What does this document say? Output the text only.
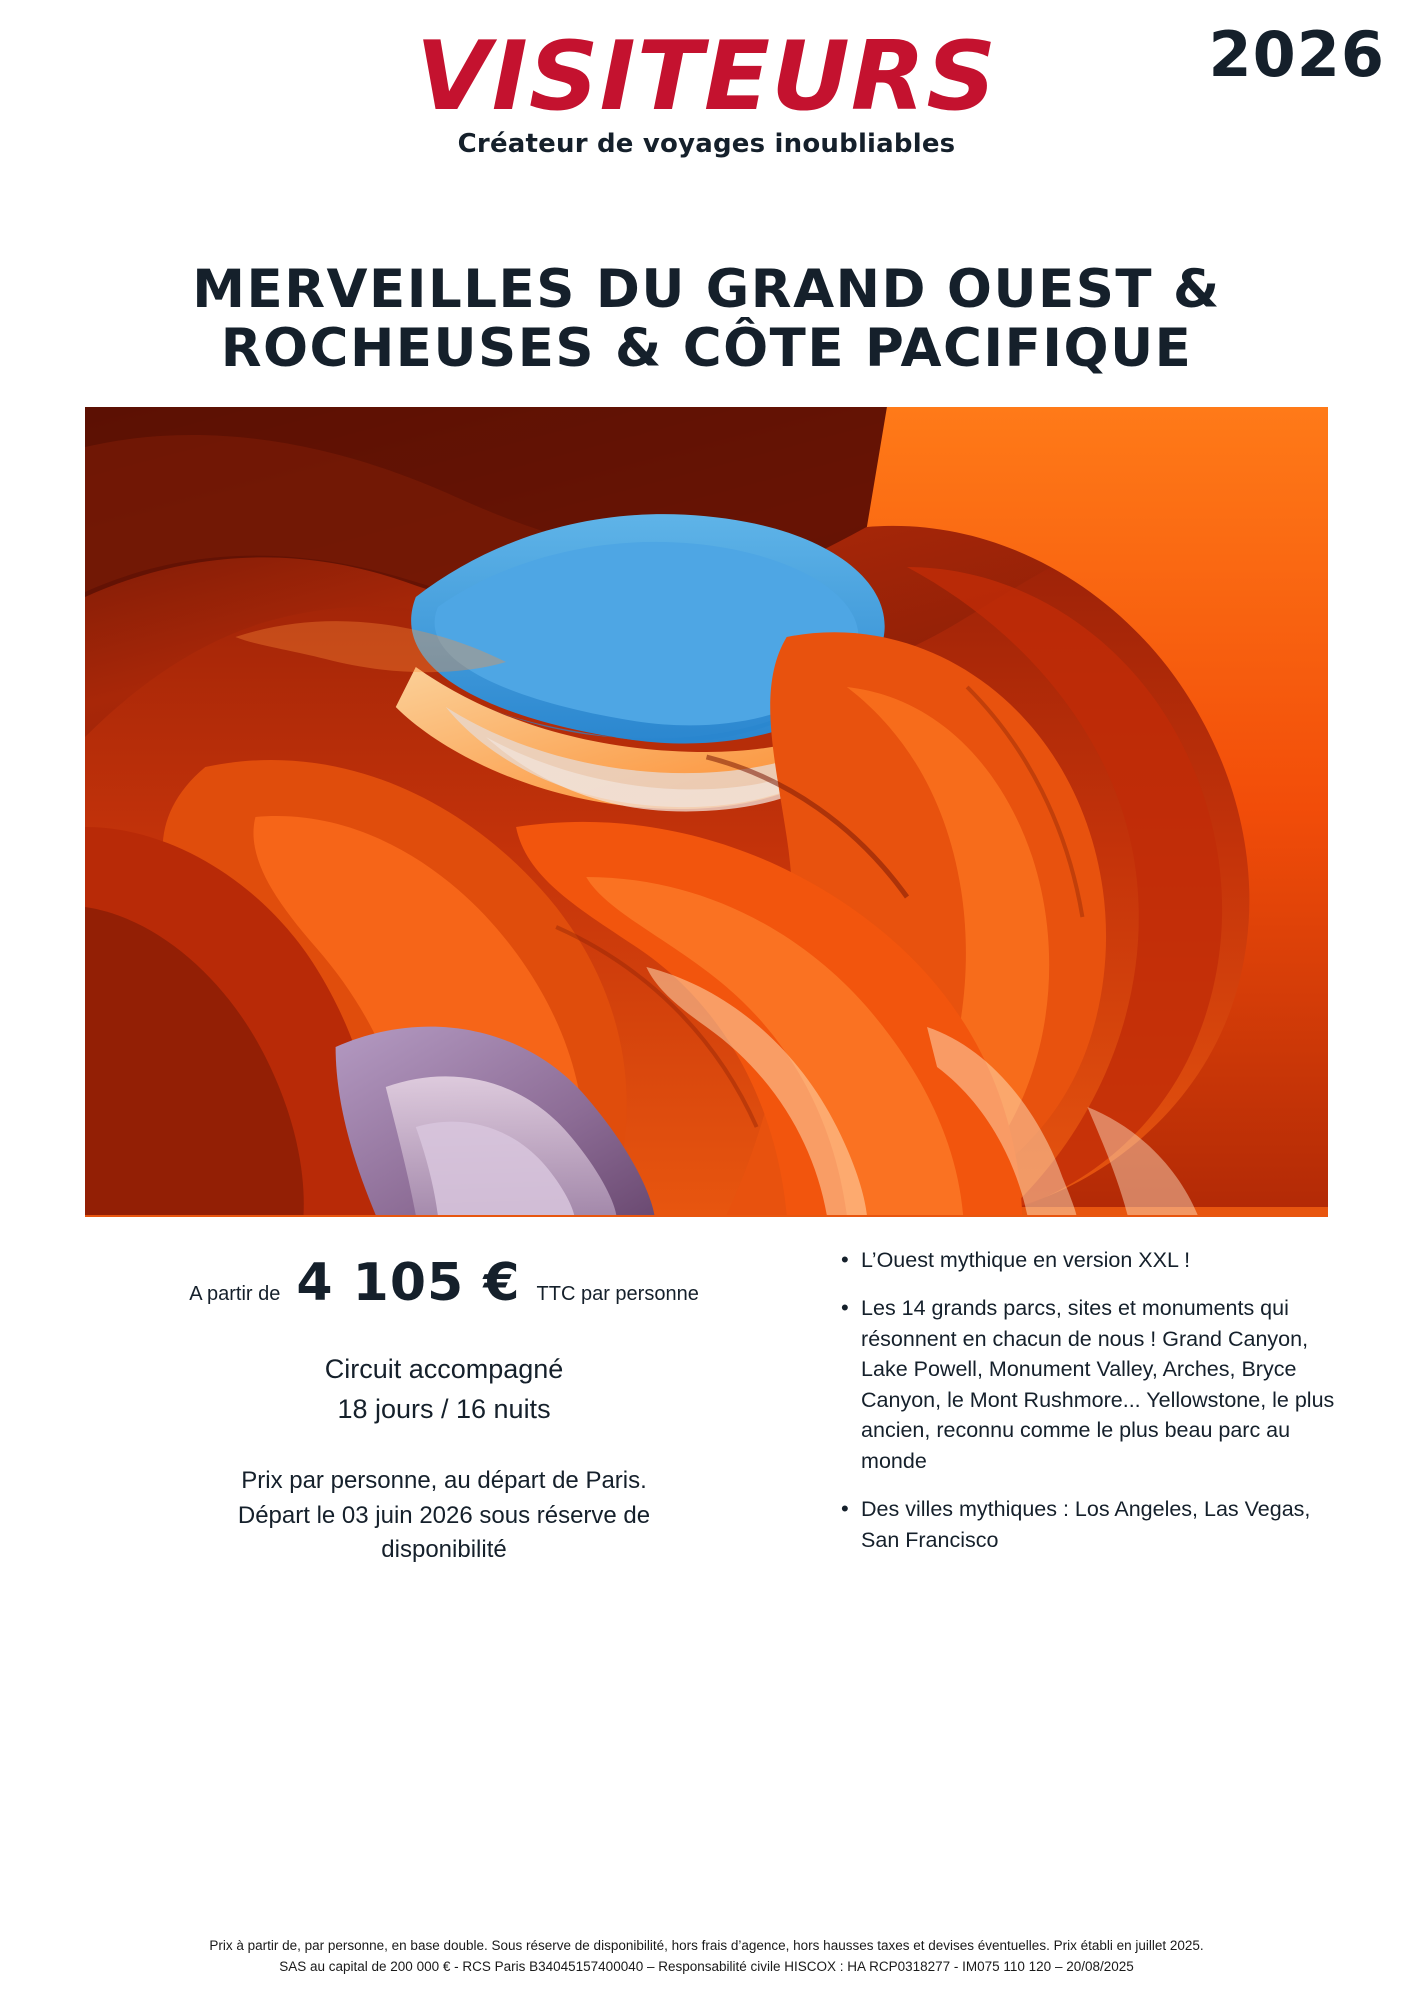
VISITEURS
Créateur de voyages inoubliables
2026
MERVEILLES DU GRAND OUEST & ROCHEUSES & CÔTE PACIFIQUE
A partir de 4 105 € TTC par personne
Circuit accompagné
18 jours / 16 nuits
Prix par personne, au départ de Paris.
Départ le 03 juin 2026 sous réserve de
disponibilité
• L’Ouest mythique en version XXL !
• Les 14 grands parcs, sites et monuments qui résonnent en chacun de nous ! Grand Canyon, Lake Powell, Monument Valley, Arches, Bryce Canyon, le Mont Rushmore... Yellowstone, le plus ancien, reconnu comme le plus beau parc au monde
• Des villes mythiques : Los Angeles, Las Vegas, San Francisco
Prix à partir de, par personne, en base double. Sous réserve de disponibilité, hors frais d’agence, hors hausses taxes et devises éventuelles. Prix établi en juillet 2025.
SAS au capital de 200 000 € - RCS Paris B34045157400040 – Responsabilité civile HISCOX : HA RCP0318277 - IM075 110 120 – 20/08/2025
